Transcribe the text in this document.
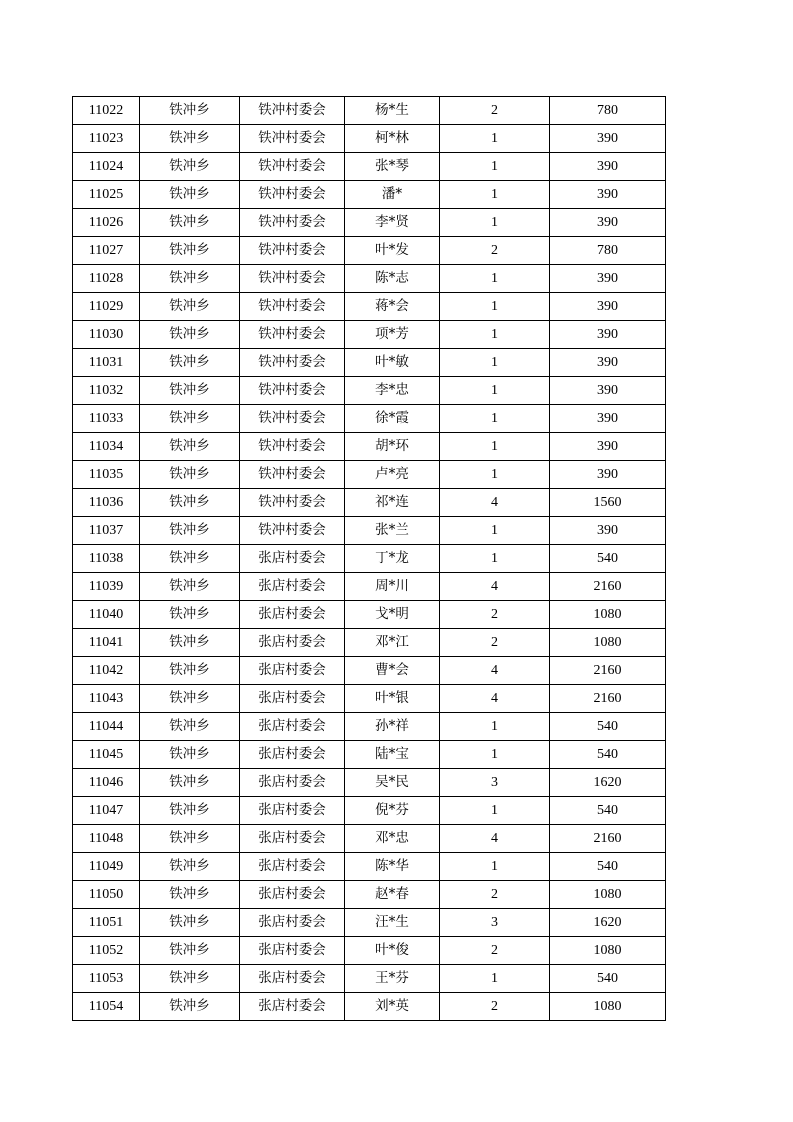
11022	铁冲乡	铁冲村委会	杨*生	2	780
11023	铁冲乡	铁冲村委会	柯*林	1	390
11024	铁冲乡	铁冲村委会	张*琴	1	390
11025	铁冲乡	铁冲村委会	潘*	1	390
11026	铁冲乡	铁冲村委会	李*贤	1	390
11027	铁冲乡	铁冲村委会	叶*发	2	780
11028	铁冲乡	铁冲村委会	陈*志	1	390
11029	铁冲乡	铁冲村委会	蒋*会	1	390
11030	铁冲乡	铁冲村委会	项*芳	1	390
11031	铁冲乡	铁冲村委会	叶*敏	1	390
11032	铁冲乡	铁冲村委会	李*忠	1	390
11033	铁冲乡	铁冲村委会	徐*霞	1	390
11034	铁冲乡	铁冲村委会	胡*环	1	390
11035	铁冲乡	铁冲村委会	卢*亮	1	390
11036	铁冲乡	铁冲村委会	祁*连	4	1560
11037	铁冲乡	铁冲村委会	张*兰	1	390
11038	铁冲乡	张店村委会	丁*龙	1	540
11039	铁冲乡	张店村委会	周*川	4	2160
11040	铁冲乡	张店村委会	戈*明	2	1080
11041	铁冲乡	张店村委会	邓*江	2	1080
11042	铁冲乡	张店村委会	曹*会	4	2160
11043	铁冲乡	张店村委会	叶*银	4	2160
11044	铁冲乡	张店村委会	孙*祥	1	540
11045	铁冲乡	张店村委会	陆*宝	1	540
11046	铁冲乡	张店村委会	吴*民	3	1620
11047	铁冲乡	张店村委会	倪*芬	1	540
11048	铁冲乡	张店村委会	邓*忠	4	2160
11049	铁冲乡	张店村委会	陈*华	1	540
11050	铁冲乡	张店村委会	赵*春	2	1080
11051	铁冲乡	张店村委会	汪*生	3	1620
11052	铁冲乡	张店村委会	叶*俊	2	1080
11053	铁冲乡	张店村委会	王*芬	1	540
11054	铁冲乡	张店村委会	刘*英	2	1080
